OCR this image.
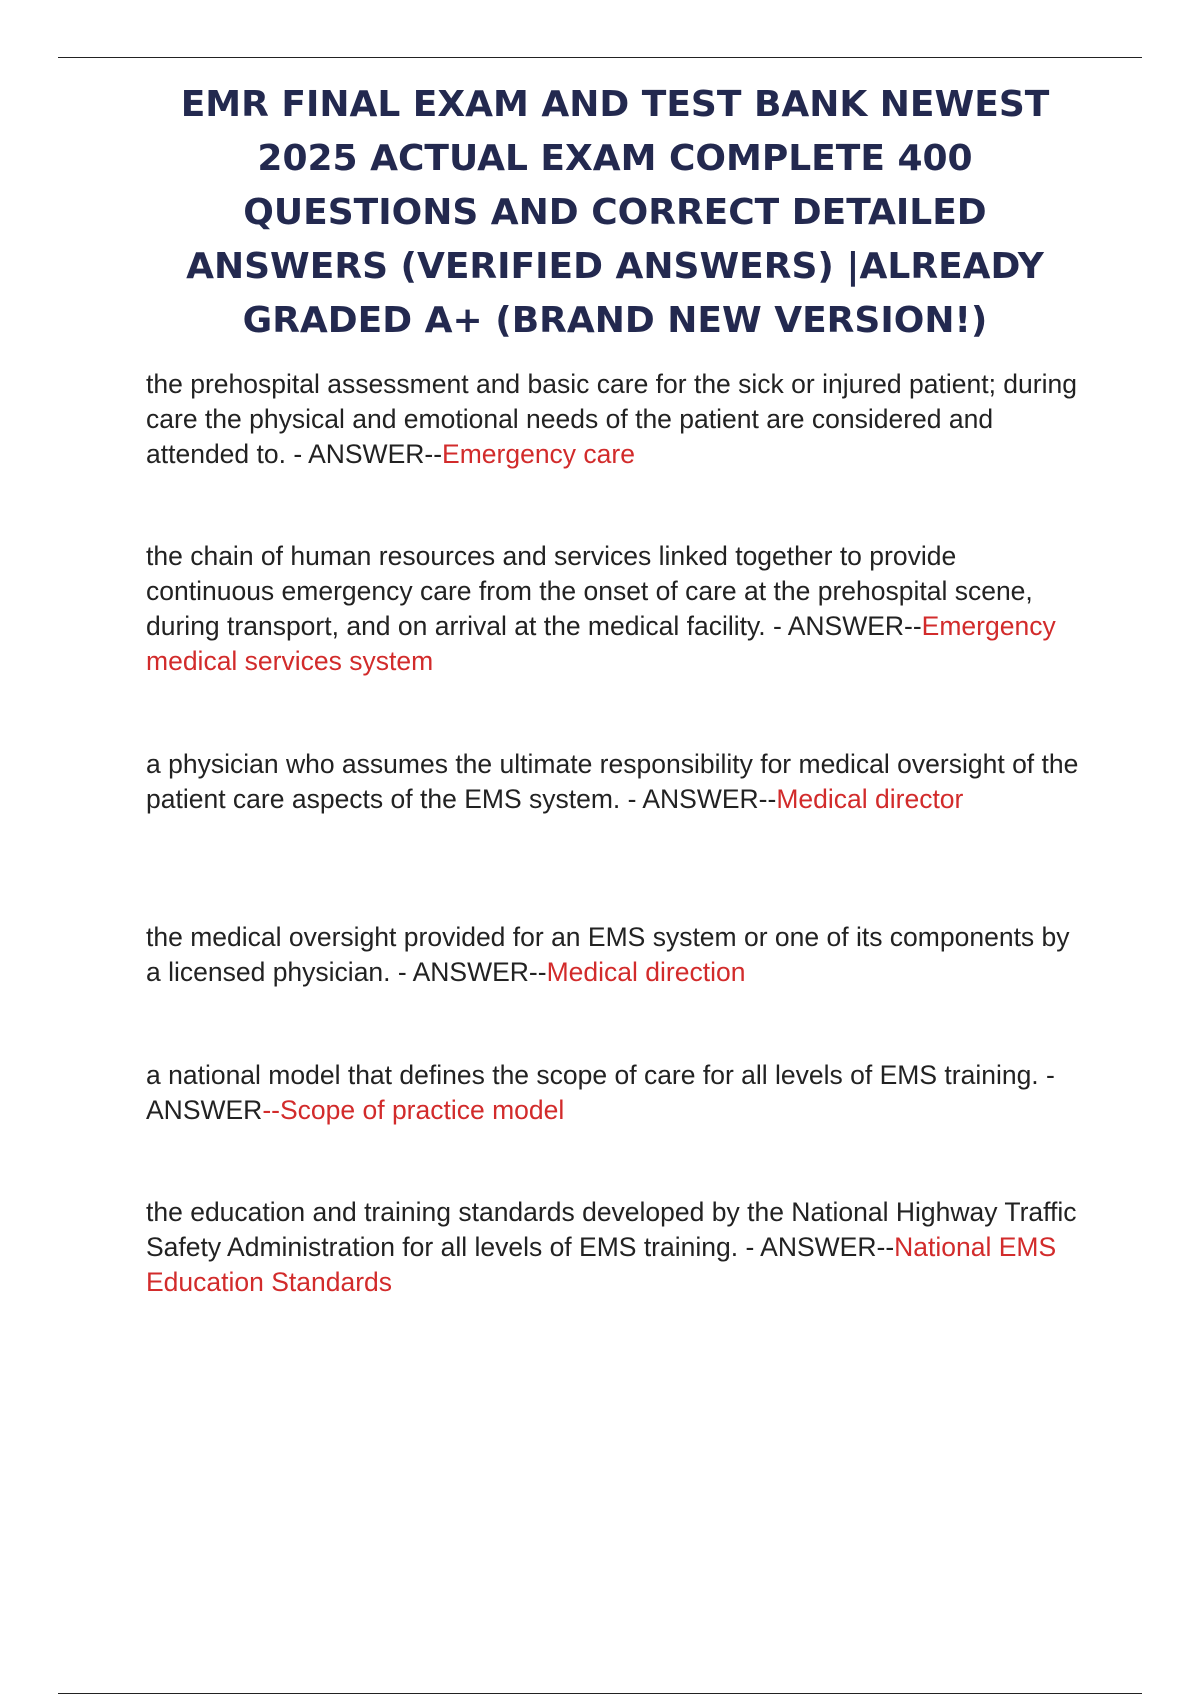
EMR FINAL EXAM AND TEST BANK NEWEST 2025 ACTUAL EXAM COMPLETE 400 QUESTIONS AND CORRECT DETAILED ANSWERS (VERIFIED ANSWERS) |ALREADY GRADED A+ (BRAND NEW VERSION!)

the prehospital assessment and basic care for the sick or injured patient; during care the physical and emotional needs of the patient are considered and attended to. - ANSWER--Emergency care

the chain of human resources and services linked together to provide continuous emergency care from the onset of care at the prehospital scene, during transport, and on arrival at the medical facility. - ANSWER--Emergency medical services system

a physician who assumes the ultimate responsibility for medical oversight of the patient care aspects of the EMS system. - ANSWER--Medical director

the medical oversight provided for an EMS system or one of its components by a licensed physician. - ANSWER--Medical direction

a national model that defines the scope of care for all levels of EMS training. - ANSWER--Scope of practice model

the education and training standards developed by the National Highway Traffic Safety Administration for all levels of EMS training. - ANSWER--National EMS Education Standards
